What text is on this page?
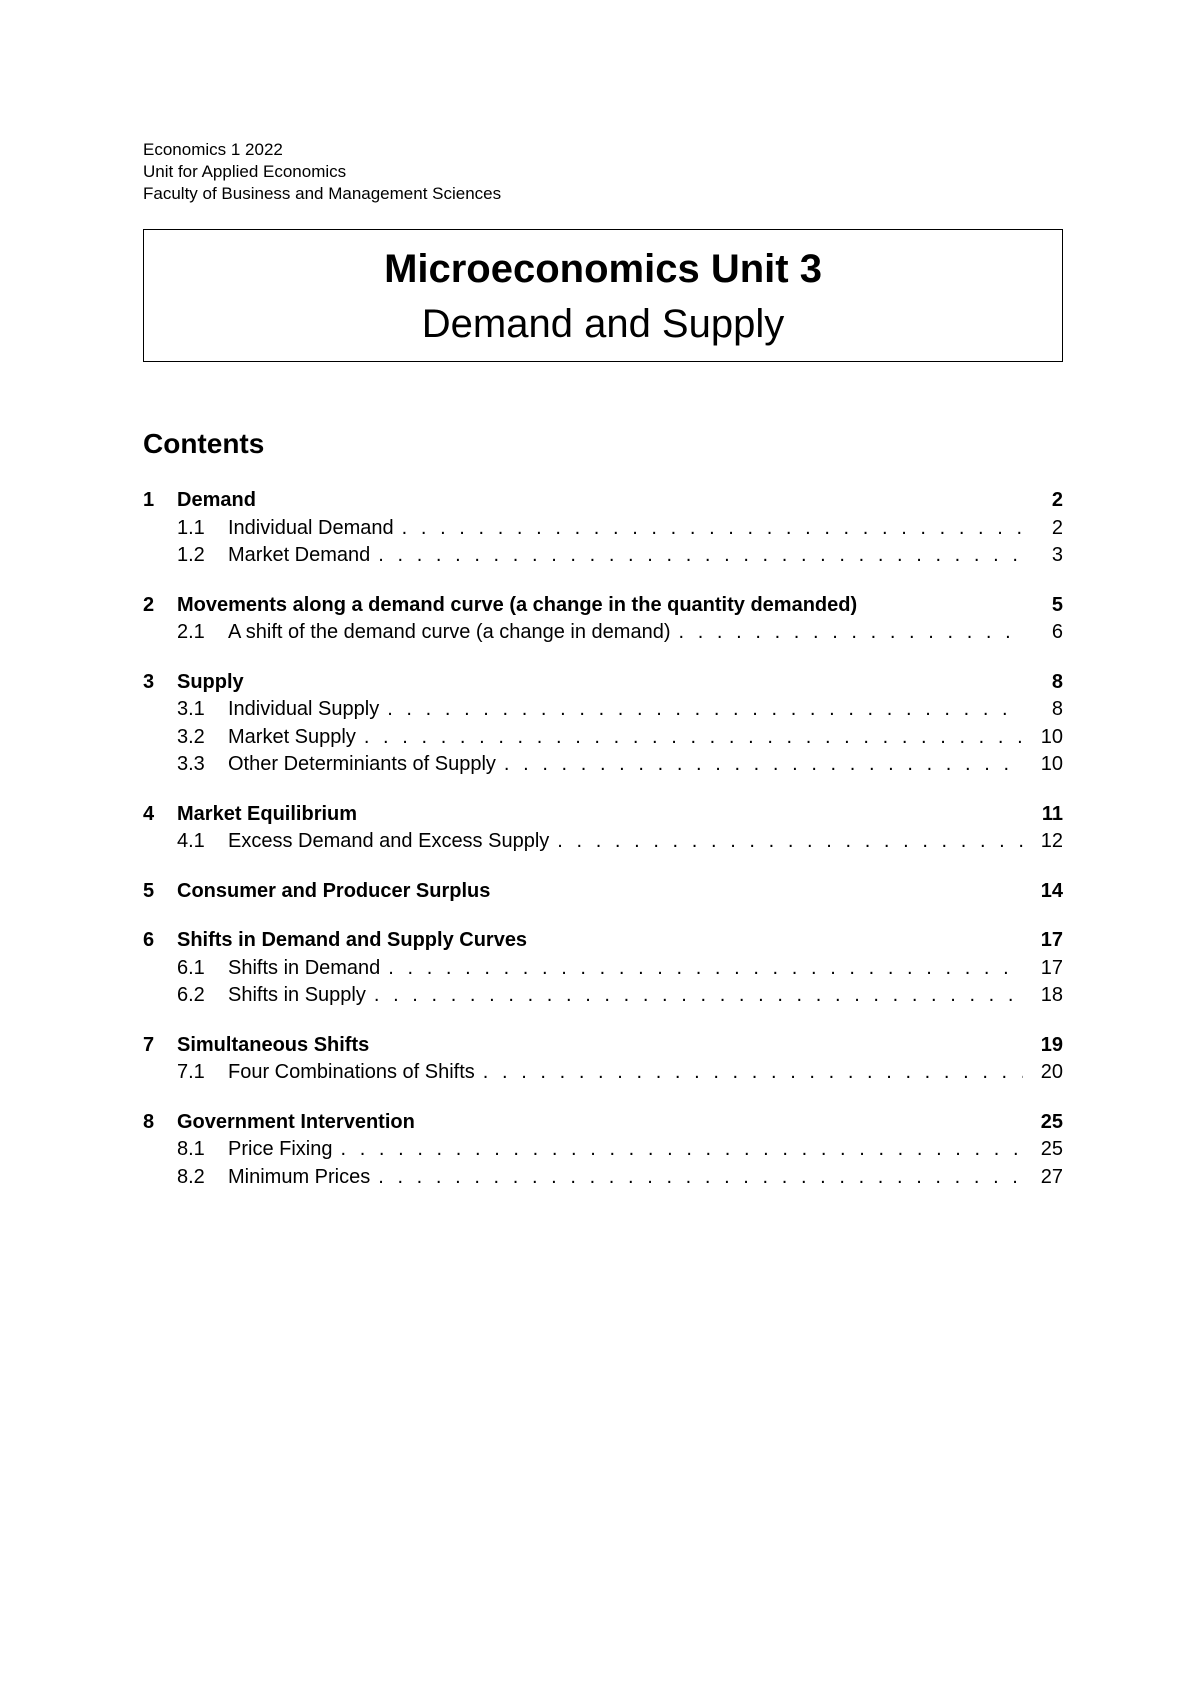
Economics 1 2022
Unit for Applied Economics
Faculty of Business and Management Sciences
Microeconomics Unit 3
Demand and Supply
Contents
1	Demand	2
1.1	Individual Demand . . .	2
1.2	Market Demand . . .	3
2	Movements along a demand curve (a change in the quantity demanded)	5
2.1	A shift of the demand curve (a change in demand) . . .	6
3	Supply	8
3.1	Individual Supply . . .	8
3.2	Market Supply . . .	10
3.3	Other Determiniants of Supply . . .	10
4	Market Equilibrium	11
4.1	Excess Demand and Excess Supply . . .	12
5	Consumer and Producer Surplus	14
6	Shifts in Demand and Supply Curves	17
6.1	Shifts in Demand . . .	17
6.2	Shifts in Supply . . .	18
7	Simultaneous Shifts	19
7.1	Four Combinations of Shifts . . .	20
8	Government Intervention	25
8.1	Price Fixing . . .	25
8.2	Minimum Prices . . .	27
